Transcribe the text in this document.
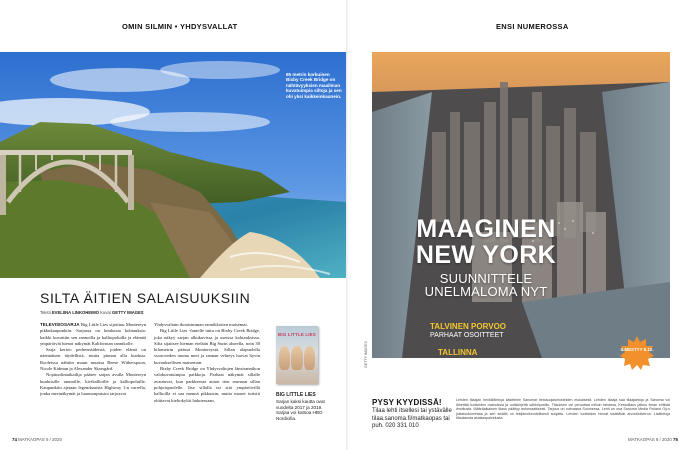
OMIN SILMIN • YHDYSVALLAT	ENSI NUMEROSSA
85 metrin korkuinen Bixby Creek Bridge on nähtävyyksien maailman kuvatuimpia siltoja ja sen ohi yksi kaikkeinkaunein.
SILTA ÄITIEN SALAISUUKSIIN
Teksti EVELIINA LINKOHEIMO Kuvat GETTY IMAGES

TELEVISIOSARJA Big Little Lies sijoittuu Montereyn pikkukaupunkiin. Sarjassa on kuuluisia kohtauksia: kaikki kuvattiin sen rannoilla ja kalliopoluilla ja elämää ympäröivät hienot näkymät Kalifornian rannikolle.

Sarja kertoo perheenäideistä, joiden elämä on näennäisen täydellistä, mutta pinnan alla kuohuu. Rooleissa nähtiin muun muassa Reese Witherspoon, Nicole Kidman ja Alexander Skarsgård.

Nojatuolimatkailija pääsee sarjan avulla Montereyn kuuluisille rannoille, kivikallioille ja kalliopoluille. Kaupunkiin ajetaan legendaarista Highway 1:n varrella, jonka merinäkymät ja luonnonpuistot tarjoavat

Yhdysvaltain ikonisimman rannikkotien maisemat.

Big Little Lies -fanielle tuttu on Bixby Creek Bridge, joka näkyy sarjan alkukuvissa ja useissa kohtauksissa. Silta sijaitsee hieman etelään Big Surin alueella, noin 30 kilometrin päässä Montereystä. Sillan alapuolella vuoroveden tuoma meri ja rannan vehreys luovat hyvin kuvauksellisen maiseman.

Bixby Creek Bridge on Yhdysvaltojen länsirannikon valokuvatuimpia paikkoja. Parhaat näkymät sillalle avautuvat, kun parkkeeraa auton tien reunaan sillan pohjoispuolelle. Itse sillalla tai sitä ympäröivillä kallioilla ei saa mennä pikkuisin, mutta monet turistit ohittavat kieltokyltit halutessaan.

BIG LITTLE LIES
BIG LITTLE LIES
Sarjan kaksi kautta ovat vuodelta 2017 ja 2019. Sarjaa voi katsoa HBO Nordicilla.
74 MATKAOPAS 9 / 2020	MATKAOPAS 9 / 2020 75
MAAGINEN NEW YORK
SUUNNITTELE UNELMALOMA NYT
TALVINEN PORVOO
PARHAAT OSOITTEET
TALLINNA
AINA UUTTA
ILMESTYY 8.12.
GETTY IMAGES
PYSY KYYDISSÄ!
Tilaa lehti itsellesi tai ystävälle tilaa.sanoma.fi/matkaopas tai puh. 020 331 010
Lehden tilaajan henkilötietoja käsittelee Sanomat tietosuojaselosteiden mukaisesti. Lehden tilaaja saa tilaajaetuja ja Sanoma voi lähettää tuotteiden mainoksia ja uutiskirjeitä sähköpostiin. Tilauksen voi peruuttaa milloin tahansa. Kestotilaus jatkuu ilman erillistä ilmoitusta. Määräaikainen tilaus päättyy automaattisesti. Tarjous on voimassa Suomessa. Lehti on osa Sanoma Media Finland Oy:n julkaisutoimintaa ja sen sisältö on tekijänoikeudellisesti suojattu. Lehden tuotteiden hinnat sisältävät arvonlisäveron. Lisätietoja tilauksesta asiakaspalvelusta.
